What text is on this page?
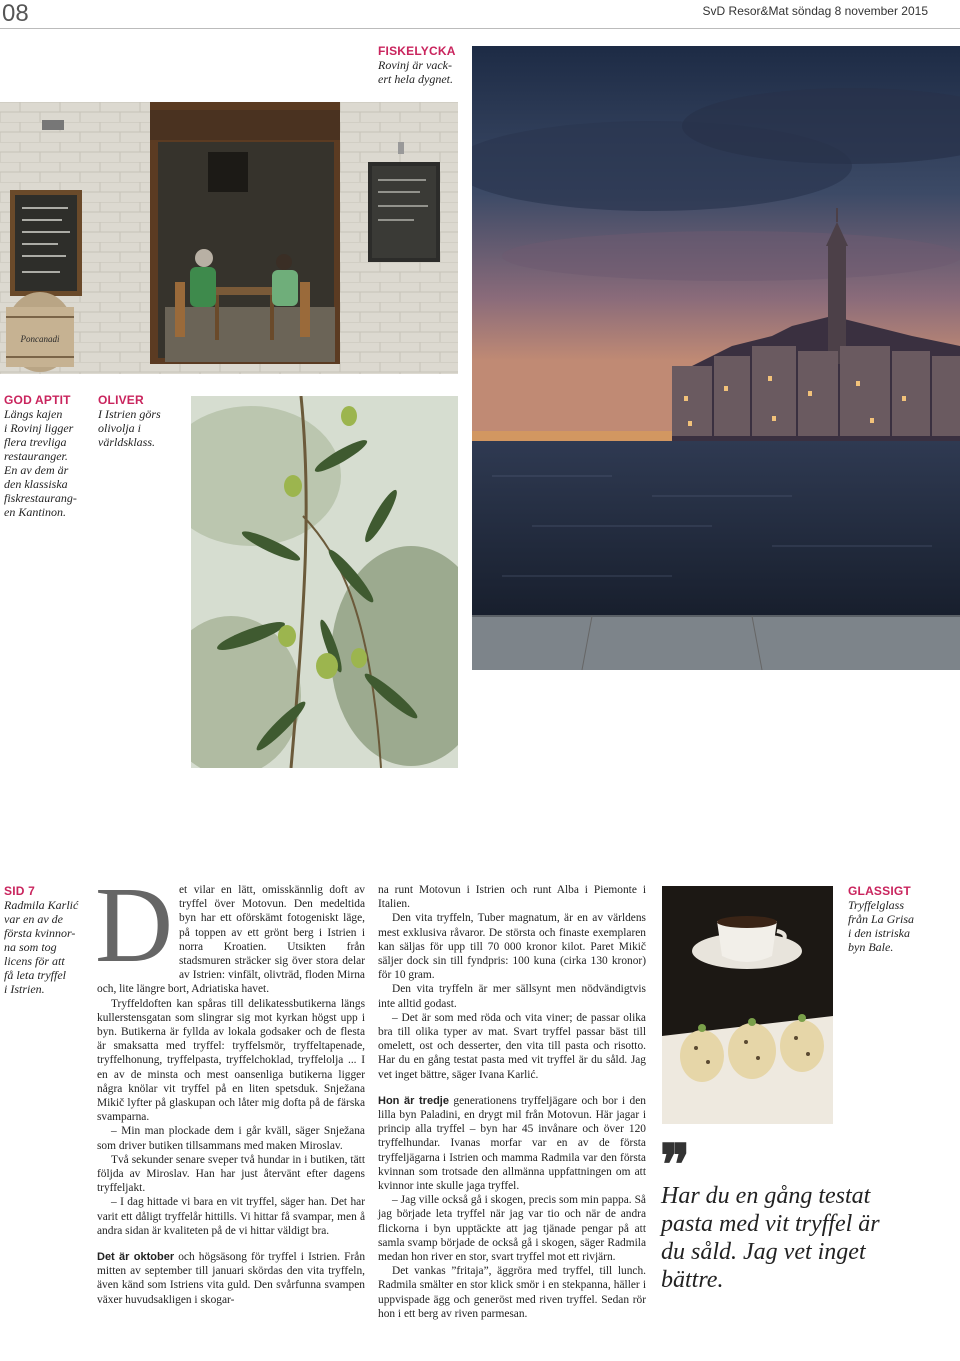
08	SvD Resor&Mat söndag 8 november 2015
FISKELYCKA
Rovinj är vack-
ert hela dygnet.
Poncanadi
GOD APTIT
Längs kajen
i Rovinj ligger
flera trevliga
restauranger.
En av dem är
den klassiska
fiskrestaurang-
en Kantinon.
OLIVER
I Istrien görs
olivolja i
världsklass.
SID 7
Radmila Karlić
var en av de
första kvinnor-
na som tog
licens för att
få leta tryffel
i Istrien.
D et vilar en lätt, omisskännlig doft av tryffel över Motovun. Den medeltida byn har ett oförskämt fotogeniskt läge, på toppen av ett grönt berg i Istrien i norra Kroatien. Utsikten från stadsmuren sträcker sig över stora delar av Istrien: vinfält, olivträd, floden Mirna och, lite längre bort, Adriatiska havet.

Tryffeldoften kan spåras till delikatessbutikerna längs kullerstensgatan som slingrar sig mot kyrkan högst upp i byn. Butikerna är fyllda av lokala godsaker och de flesta är smaksatta med tryffel: tryffelsmör, tryffeltapenade, tryffelhonung, tryffelpasta, tryffelchoklad, tryffelolja ... I en av de minsta och mest oansenliga butikerna ligger några knölar vit tryffel på en liten spetsduk. Snježana Mikič lyfter på glaskupan och låter mig dofta på de färska svamparna.

– Min man plockade dem i går kväll, säger Snježana som driver butiken tillsammans med maken Miroslav.

Två sekunder senare sveper två hundar in i butiken, tätt följda av Miroslav. Han har just återvänt efter dagens tryffeljakt.

– I dag hittade vi bara en vit tryffel, säger han. Det har varit ett dåligt tryffelår hittills. Vi hittar få svampar, men å andra sidan är kvaliteten på de vi hittar väldigt bra.

Det är oktober och högsäsong för tryffel i Istrien. Från mitten av september till januari skördas den vita tryffeln, även känd som Istriens vita guld. Den svårfunna svampen växer huvudsakligen i skogar-

na runt Motovun i Istrien och runt Alba i Piemonte i Italien.

Den vita tryffeln, Tuber magnatum, är en av världens mest exklusiva råvaror. De största och finaste exemplaren kan säljas för upp till 70 000 kronor kilot. Paret Mikič säljer dock sin till fyndpris: 100 kuna (cirka 130 kronor) för 10 gram.

Den vita tryffeln är mer sällsynt men nödvändigtvis inte alltid godast.

– Det är som med röda och vita viner; de passar olika bra till olika typer av mat. Svart tryffel passar bäst till omelett, ost och desserter, den vita till pasta och risotto. Har du en gång testat pasta med vit tryffel är du såld. Jag vet inget bättre, säger Ivana Karlić.

Hon är tredje generationens tryffeljägare och bor i den lilla byn Paladini, en drygt mil från Motovun. Här jagar i princip alla tryffel – byn har 45 invånare och över 120 tryffelhundar. Ivanas morfar var en av de första tryffeljägarna i Istrien och mamma Radmila var den första kvinnan som trotsade den allmänna uppfattningen om att kvinnor inte skulle jaga tryffel.

– Jag ville också gå i skogen, precis som min pappa. Så jag började leta tryffel när jag var tio och när de andra flickorna i byn upptäckte att jag tjänade pengar på att samla svamp började de också gå i skogen, säger Radmila medan hon river en stor, svart tryffel mot ett rivjärn.

Det vankas ”fritaja”, äggröra med tryffel, till lunch. Radmila smälter en stor klick smör i en stekpanna, häller i uppvispade ägg och generöst med riven tryffel. Sedan rör hon i ett berg av riven parmesan.

GLASSIGT
Tryffelglass
från La Grisa
i den istriska
byn Bale.
❞
Har du en gång testat pasta med vit tryffel är du såld. Jag vet inget bättre.
